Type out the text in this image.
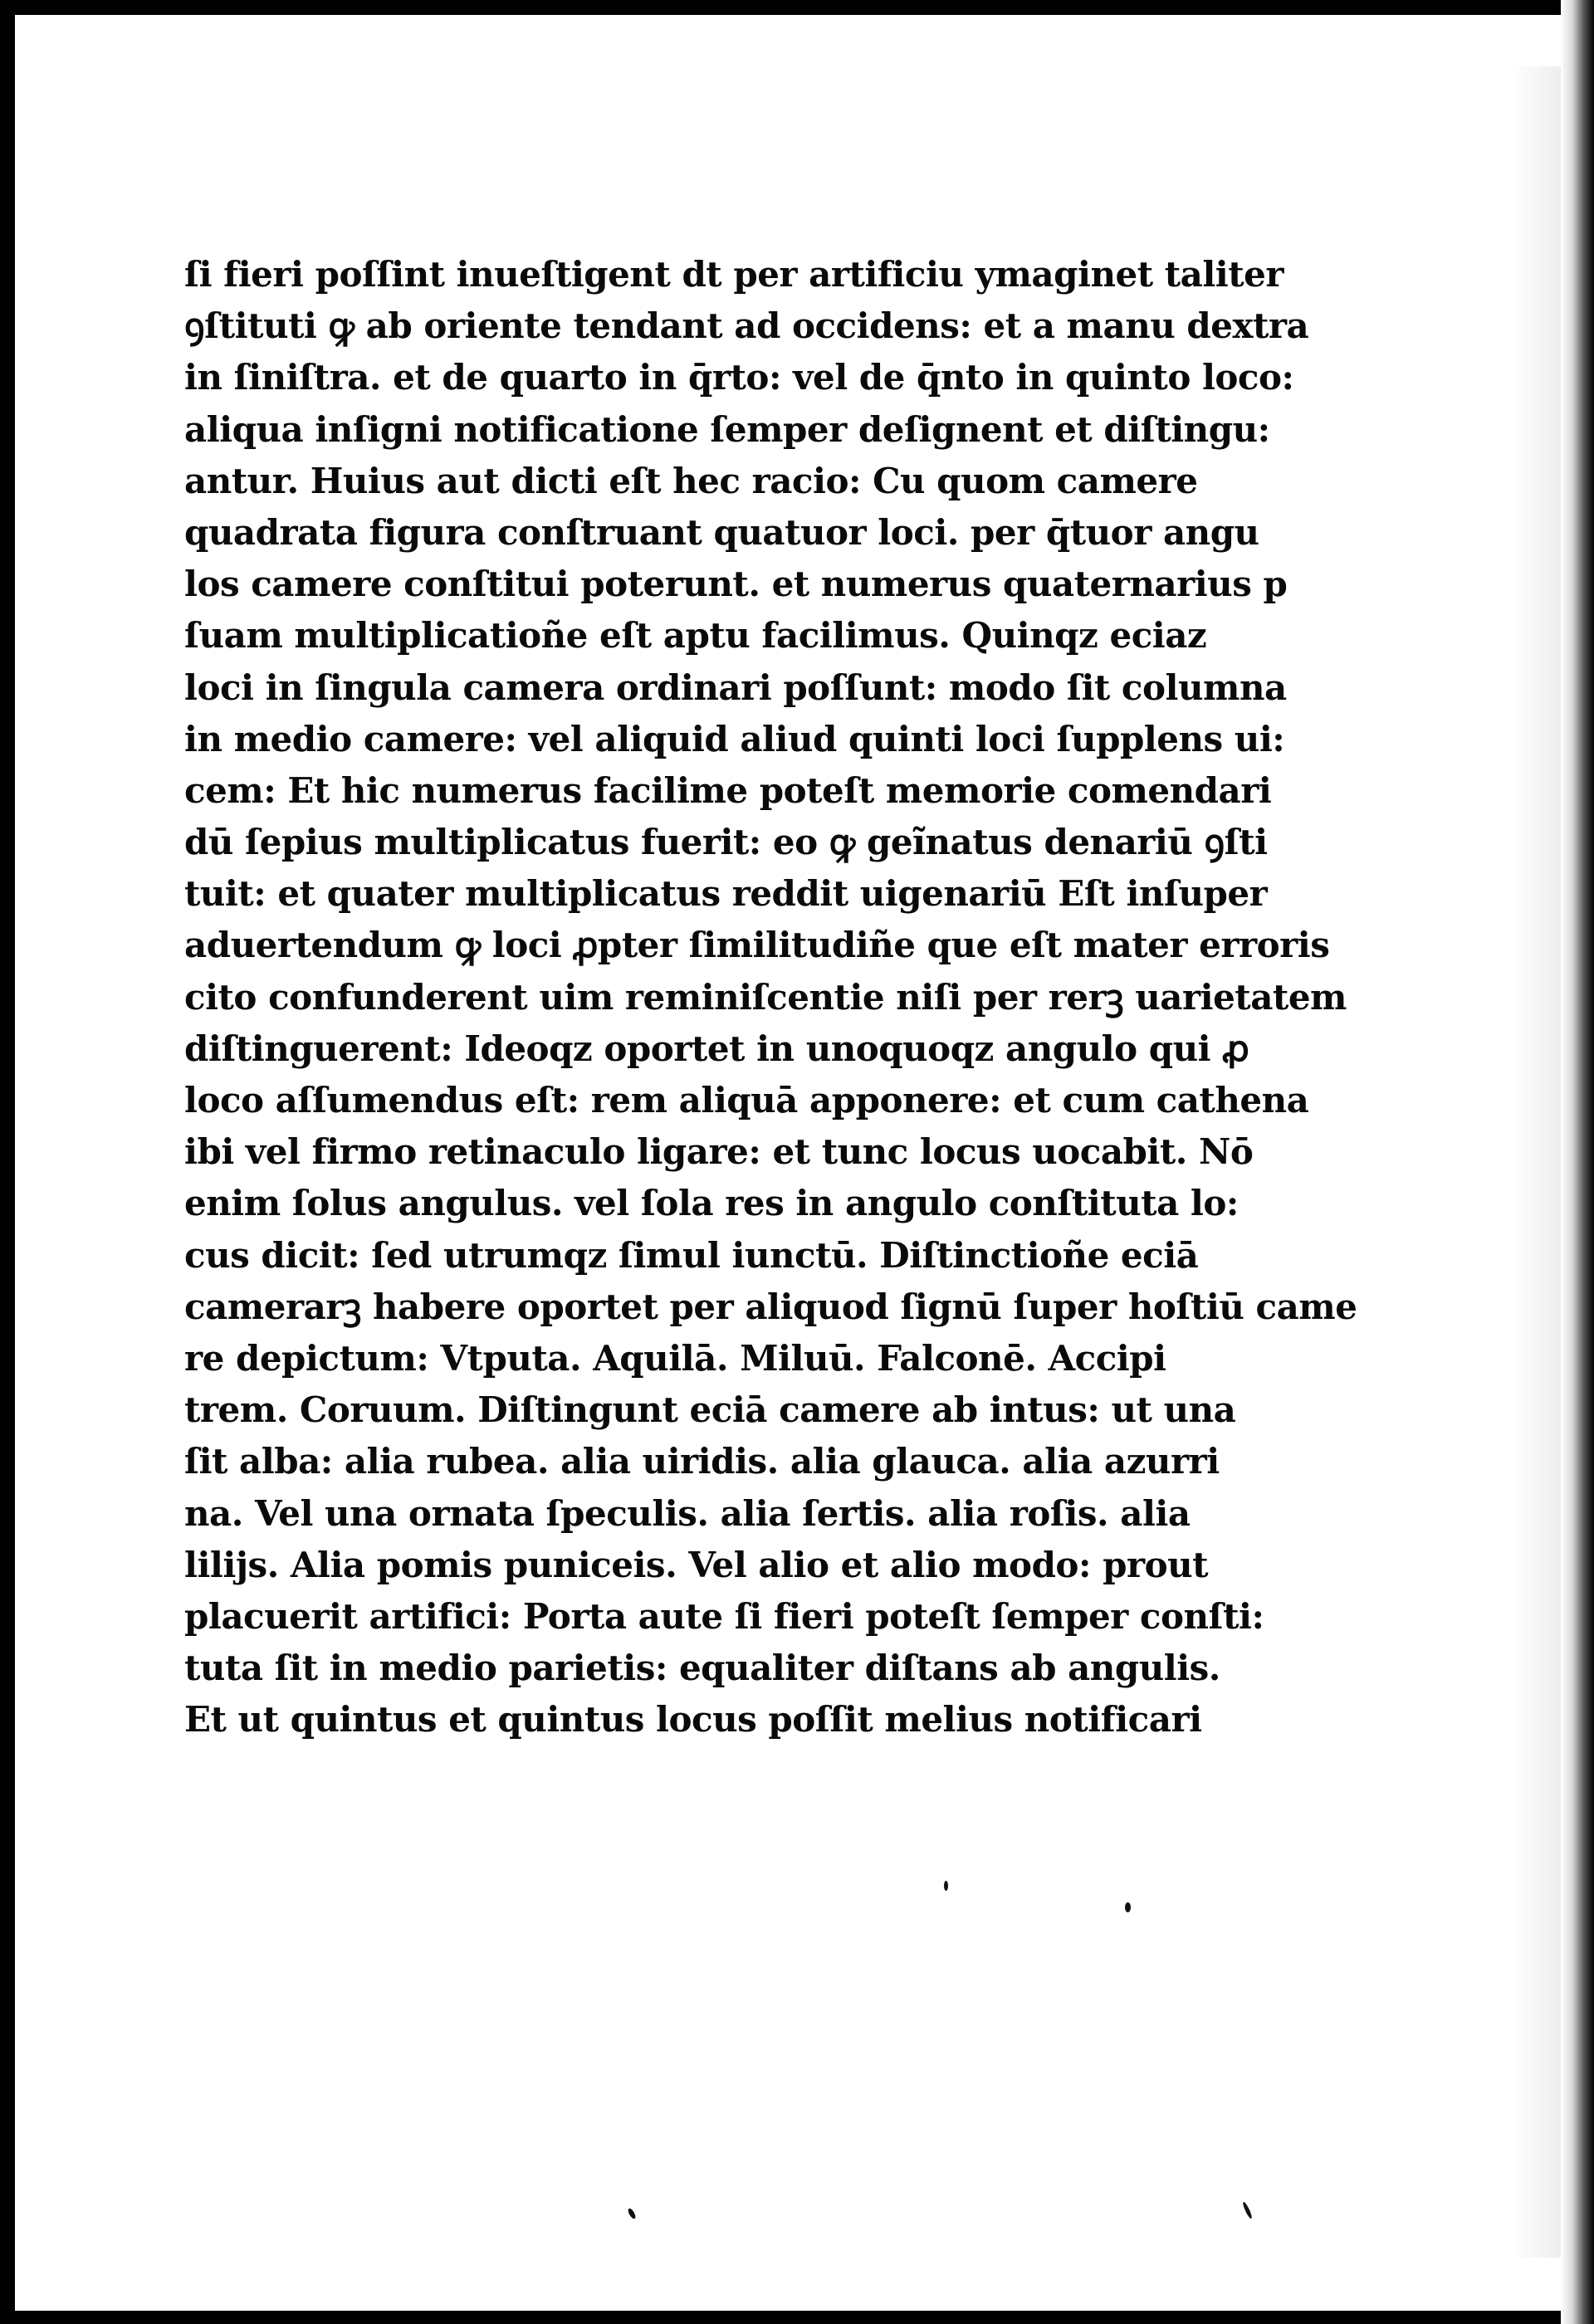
ſi fieri poſſint inueſtigent dt per artificiu ymaginet taliter
ꝯſtituti ꝙ ab oriente tendant ad occidens: et a manu dextra
in ſiniſtra. et de quarto in q̄rto: vel de q̄nto in quinto loco:
aliqua inſigni notificatione ſemper deſignent et diſtingu:
antur. Huius aut dicti eſt hec racio: Cu quom camere
quadrata figura conſtruant quatuor loci. per q̄tuor angu
los camere conſtitui poterunt. et numerus quaternarius p
ſuam multiplicatioñe eſt aptu facilimus. Quinqz eciaz
loci in ſingula camera ordinari poſſunt: modo ſit columna
in medio camere: vel aliquid aliud quinti loci ſupplens ui:
cem: Et hic numerus facilime poteſt memorie comendari
dū ſepius multiplicatus fuerit: eo ꝙ geĩnatus denariū ꝯſti
tuit: et quater multiplicatus reddit uigenariū Eſt inſuper
aduertendum ꝙ loci ꝓpter ſimilitudiñe que eſt mater erroris
cito confunderent uim reminiſcentie niſi per rerꝫ uarietatem
diſtinguerent: Ideoqz oportet in unoquoqz angulo qui ꝓ
loco aſſumendus eſt: rem aliquā apponere: et cum cathena
ibi vel firmo retinaculo ligare: et tunc locus uocabit. Nō
enim ſolus angulus. vel ſola res in angulo conſtituta lo:
cus dicit: ſed utrumqz ſimul iunctū. Diſtinctioñe eciā
camerarꝫ habere oportet per aliquod ſignū ſuper hoſtiū came
re depictum: Vtputa. Aquilā. Miluū. Falconē. Accipi
trem. Coruum. Diſtingunt eciā camere ab intus: ut una
ſit alba: alia rubea. alia uiridis. alia glauca. alia azurri
na. Vel una ornata ſpeculis. alia ſertis. alia roſis. alia
lilijs. Alia pomis puniceis. Vel alio et alio modo: prout
placuerit artifici: Porta aute ſi fieri poteſt ſemper conſti:
tuta ſit in medio parietis: equaliter diſtans ab angulis.
Et ut quintus et quintus locus poſſit melius notificari
